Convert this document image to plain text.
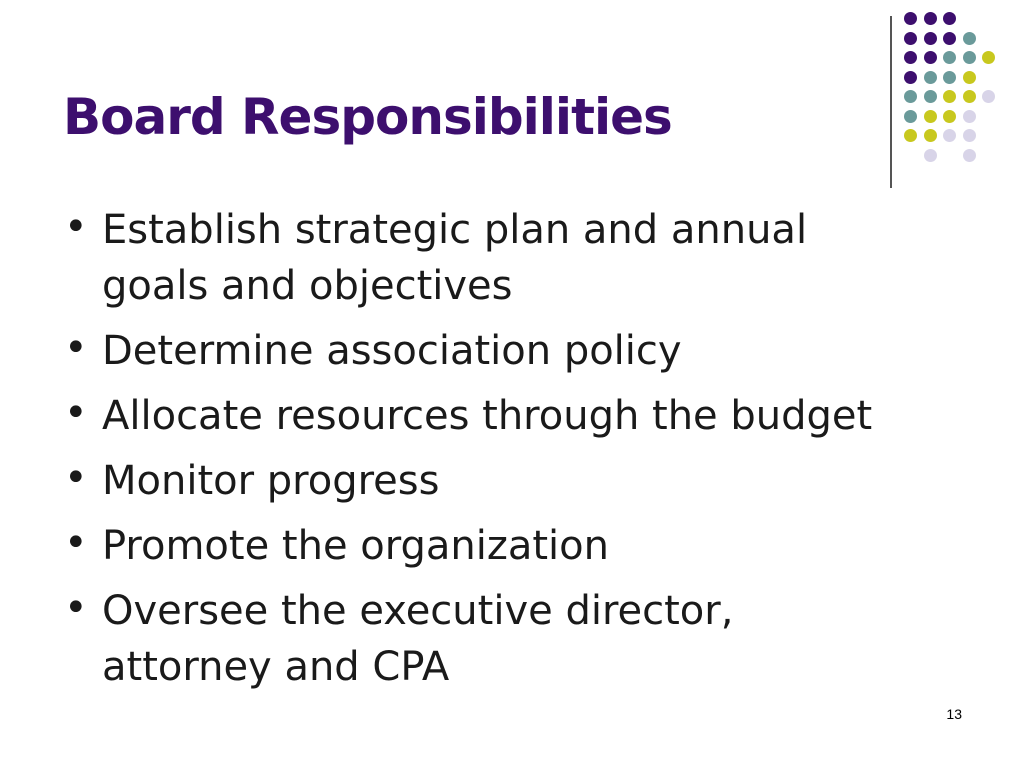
Board Responsibilities
• Establish strategic plan and annual goals and objectives
• Determine association policy
• Allocate resources through the budget
• Monitor progress
• Promote the organization
• Oversee the executive director, attorney and CPA
13
